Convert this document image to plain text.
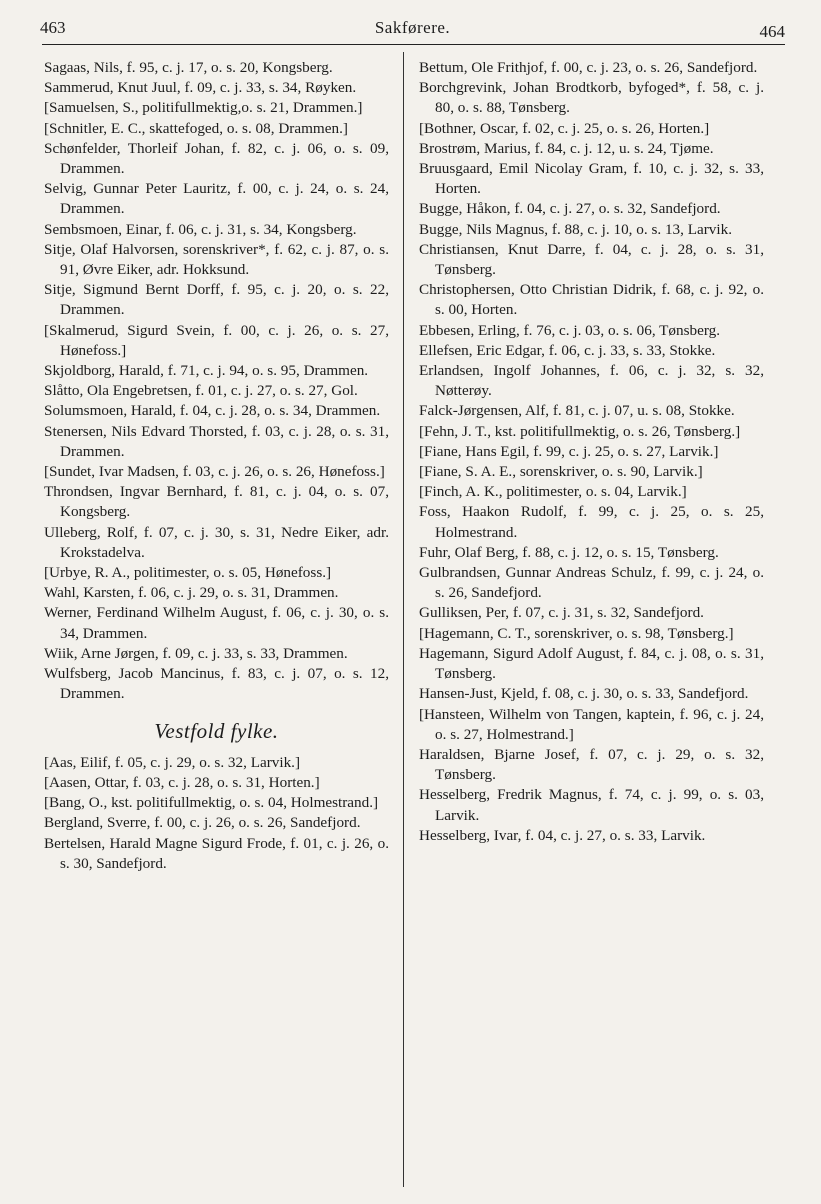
463	Sakførere.	464
Sagaas, Nils, f. 95, c. j. 17, o. s. 20, Kongsberg.
Sammerud, Knut Juul, f. 09, c. j. 33, s. 34, Røyken.
[Samuelsen, S., politifullmektig,o. s. 21, Drammen.]
[Schnitler, E. C., skattefoged, o. s. 08, Drammen.]
Schønfelder, Thorleif Johan, f. 82, c. j. 06, o. s. 09, Drammen.
Selvig, Gunnar Peter Lauritz, f. 00, c. j. 24, o. s. 24, Drammen.
Sembsmoen, Einar, f. 06, c. j. 31, s. 34, Kongsberg.
Sitje, Olaf Halvorsen, sorenskriver*, f. 62, c. j. 87, o. s. 91, Øvre Eiker, adr. Hokksund.
Sitje, Sigmund Bernt Dorff, f. 95, c. j. 20, o. s. 22, Drammen.
[Skalmerud, Sigurd Svein, f. 00, c. j. 26, o. s. 27, Hønefoss.]
Skjoldborg, Harald, f. 71, c. j. 94, o. s. 95, Drammen.
Slåtto, Ola Engebretsen, f. 01, c. j. 27, o. s. 27, Gol.
Solumsmoen, Harald, f. 04, c. j. 28, o. s. 34, Drammen.
Stenersen, Nils Edvard Thorsted, f. 03, c. j. 28, o. s. 31, Drammen.
[Sundet, Ivar Madsen, f. 03, c. j. 26, o. s. 26, Hønefoss.]
Throndsen, Ingvar Bernhard, f. 81, c. j. 04, o. s. 07, Kongsberg.
Ulleberg, Rolf, f. 07, c. j. 30, s. 31, Nedre Eiker, adr. Krokstadelva.
[Urbye, R. A., politimester, o. s. 05, Hønefoss.]
Wahl, Karsten, f. 06, c. j. 29, o. s. 31, Drammen.
Werner, Ferdinand Wilhelm August, f. 06, c. j. 30, o. s. 34, Drammen.
Wiik, Arne Jørgen, f. 09, c. j. 33, s. 33, Drammen.
Wulfsberg, Jacob Mancinus, f. 83, c. j. 07, o. s. 12, Drammen.
Vestfold fylke.
[Aas, Eilif, f. 05, c. j. 29, o. s. 32, Larvik.]
[Aasen, Ottar, f. 03, c. j. 28, o. s. 31, Horten.]
[Bang, O., kst. politifullmektig, o. s. 04, Holmestrand.]
Bergland, Sverre, f. 00, c. j. 26, o. s. 26, Sandefjord.
Bertelsen, Harald Magne Sigurd Frode, f. 01, c. j. 26, o. s. 30, Sandefjord.
Bettum, Ole Frithjof, f. 00, c. j. 23, o. s. 26, Sandefjord.
Borchgrevink, Johan Brodtkorb, byfoged*, f. 58, c. j. 80, o. s. 88, Tønsberg.
[Bothner, Oscar, f. 02, c. j. 25, o. s. 26, Horten.]
Brostrøm, Marius, f. 84, c. j. 12, u. s. 24, Tjøme.
Bruusgaard, Emil Nicolay Gram, f. 10, c. j. 32, s. 33, Horten.
Bugge, Håkon, f. 04, c. j. 27, o. s. 32, Sandefjord.
Bugge, Nils Magnus, f. 88, c. j. 10, o. s. 13, Larvik.
Christiansen, Knut Darre, f. 04, c. j. 28, o. s. 31, Tønsberg.
Christophersen, Otto Christian Didrik, f. 68, c. j. 92, o. s. 00, Horten.
Ebbesen, Erling, f. 76, c. j. 03, o. s. 06, Tønsberg.
Ellefsen, Eric Edgar, f. 06, c. j. 33, s. 33, Stokke.
Erlandsen, Ingolf Johannes, f. 06, c. j. 32, s. 32, Nøtterøy.
Falck-Jørgensen, Alf, f. 81, c. j. 07, u. s. 08, Stokke.
[Fehn, J. T., kst. politifullmektig, o. s. 26, Tønsberg.]
[Fiane, Hans Egil, f. 99, c. j. 25, o. s. 27, Larvik.]
[Fiane, S. A. E., sorenskriver, o. s. 90, Larvik.]
[Finch, A. K., politimester, o. s. 04, Larvik.]
Foss, Haakon Rudolf, f. 99, c. j. 25, o. s. 25, Holmestrand.
Fuhr, Olaf Berg, f. 88, c. j. 12, o. s. 15, Tønsberg.
Gulbrandsen, Gunnar Andreas Schulz, f. 99, c. j. 24, o. s. 26, Sandefjord.
Gulliksen, Per, f. 07, c. j. 31, s. 32, Sandefjord.
[Hagemann, C. T., sorenskriver, o. s. 98, Tønsberg.]
Hagemann, Sigurd Adolf August, f. 84, c. j. 08, o. s. 31, Tønsberg.
Hansen-Just, Kjeld, f. 08, c. j. 30, o. s. 33, Sandefjord.
[Hansteen, Wilhelm von Tangen, kaptein, f. 96, c. j. 24, o. s. 27, Holmestrand.]
Haraldsen, Bjarne Josef, f. 07, c. j. 29, o. s. 32, Tønsberg.
Hesselberg, Fredrik Magnus, f. 74, c. j. 99, o. s. 03, Larvik.
Hesselberg, Ivar, f. 04, c. j. 27, o. s. 33, Larvik.
